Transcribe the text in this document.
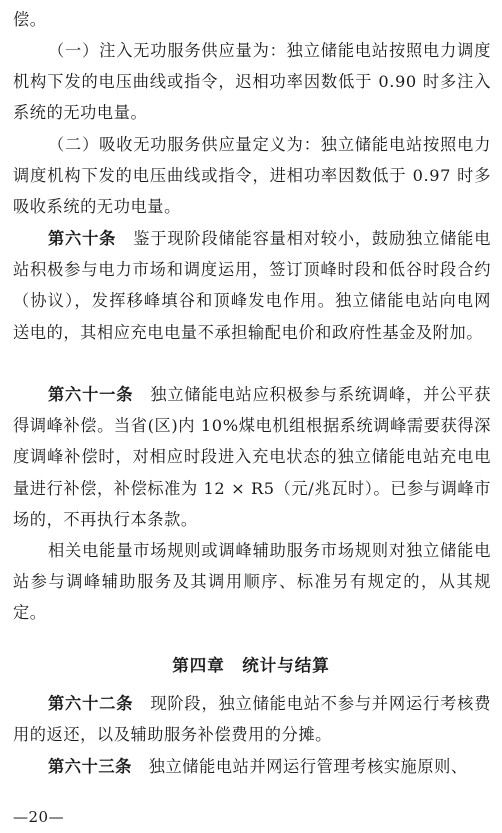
偿。

（一）注入无功服务供应量为：独立储能电站按照电力调度机构下发的电压曲线或指令，迟相功率因数低于 0.90 时多注入系统的无功电量。

（二）吸收无功服务供应量定义为：独立储能电站按照电力调度机构下发的电压曲线或指令，进相功率因数低于 0.97 时多吸收系统的无功电量。

第六十条　 鉴于现阶段储能容量相对较小，鼓励独立储能电站积极参与电力市场和调度运用，签订顶峰时段和低谷时段合约（协议），发挥移峰填谷和顶峰发电作用。独立储能电站向电网送电的，其相应充电电量不承担输配电价和政府性基金及附加。

第六十一条　 独立储能电站应积极参与系统调峰，并公平获得调峰补偿。当省(区)内 10%煤电机组根据系统调峰需要获得深度调峰补偿时，对相应时段进入充电状态的独立储能电站充电电量进行补偿，补偿标准为 12 × R5（元/兆瓦时）。已参与调峰市场的，不再执行本条款。

相关电能量市场规则或调峰辅助服务市场规则对独立储能电站参与调峰辅助服务及其调用顺序、标准另有规定的，从其规定。

第四章　统计与结算

第六十二条　 现阶段，独立储能电站不参与并网运行考核费用的返还，以及辅助服务补偿费用的分摊。

第六十三条　 独立储能电站并网运行管理考核实施原则、

—20—
